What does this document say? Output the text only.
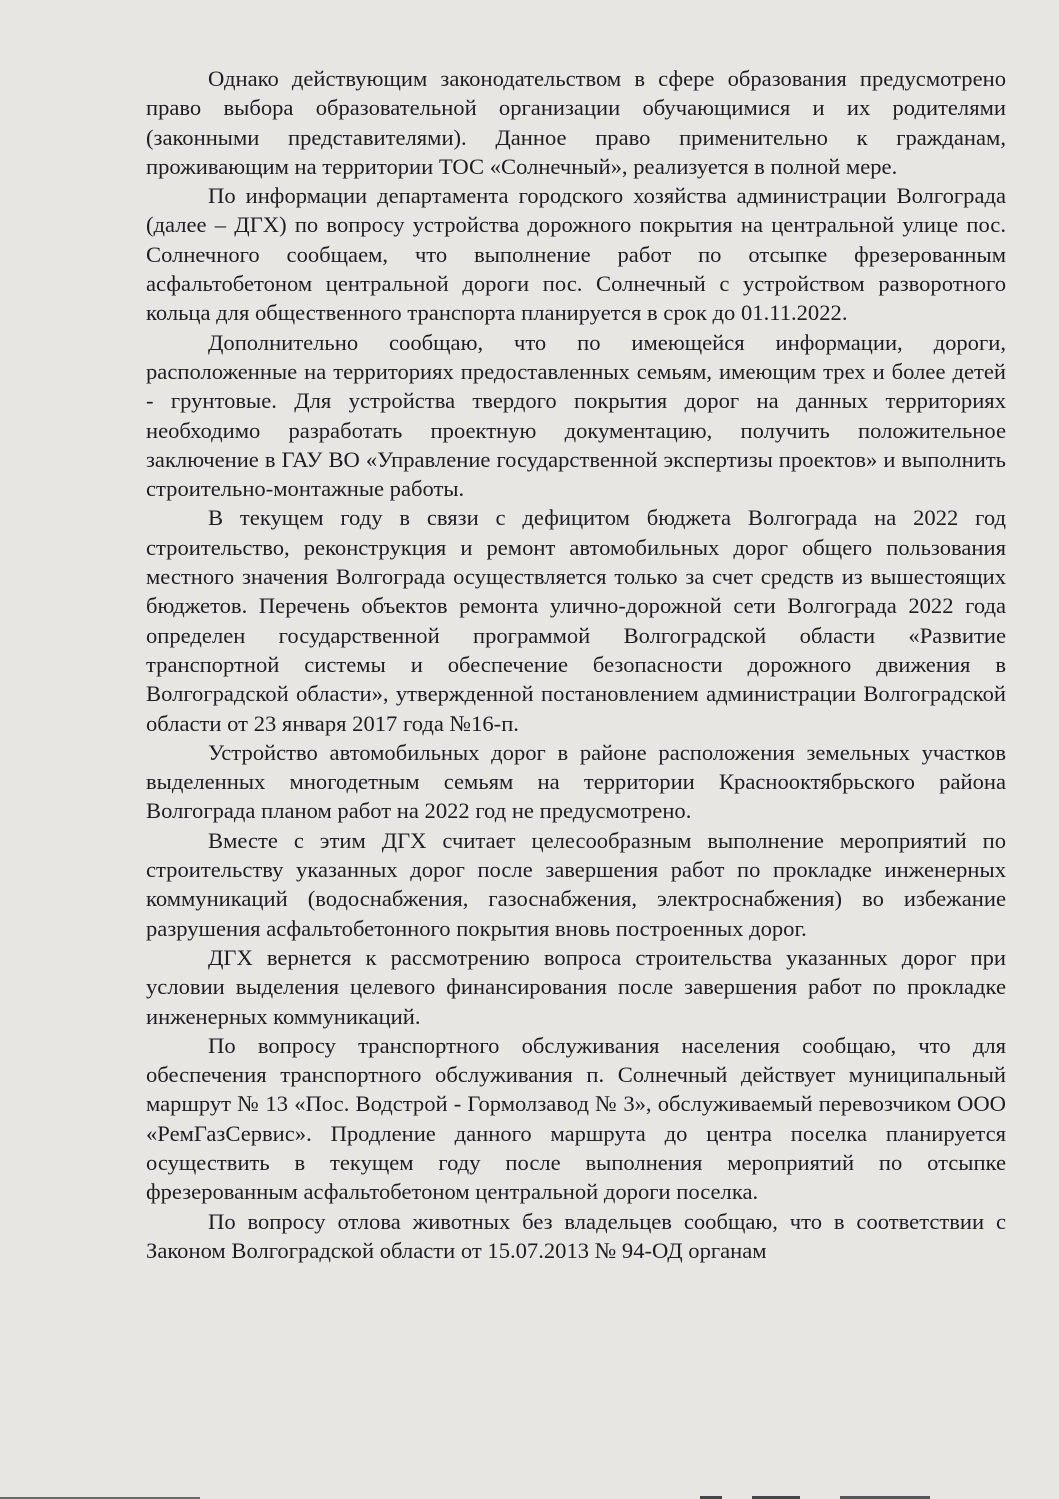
Однако действующим законодательством в сфере образования предусмотрено право выбора образовательной организации обучающимися и их родителями (законными представителями). Данное право применительно к гражданам, проживающим на территории ТОС «Солнечный», реализуется в полной мере.

По информации департамента городского хозяйства администрации Волгограда (далее – ДГХ) по вопросу устройства дорожного покрытия на центральной улице пос. Солнечного сообщаем, что выполнение работ по отсыпке фрезерованным асфальтобетоном центральной дороги пос. Солнечный с устройством разворотного кольца для общественного транспорта планируется в срок до 01.11.2022.

Дополнительно сообщаю, что по имеющейся информации, дороги, расположенные на территориях предоставленных семьям, имеющим трех и более детей - грунтовые. Для устройства твердого покрытия дорог на данных территориях необходимо разработать проектную документацию, получить положительное заключение в ГАУ ВО «Управление государственной экспертизы проектов» и выполнить строительно-монтажные работы.

В текущем году в связи с дефицитом бюджета Волгограда на 2022 год строительство, реконструкция и ремонт автомобильных дорог общего пользования местного значения Волгограда осуществляется только за счет средств из вышестоящих бюджетов. Перечень объектов ремонта улично-дорожной сети Волгограда 2022 года определен государственной программой Волгоградской области «Развитие транспортной системы и обеспечение безопасности дорожного движения в Волгоградской области», утвержденной постановлением администрации Волгоградской области от 23 января 2017 года №16-п.

Устройство автомобильных дорог в районе расположения земельных участков выделенных многодетным семьям на территории Краснооктябрьского района Волгограда планом работ на 2022 год не предусмотрено.

Вместе с этим ДГХ считает целесообразным выполнение мероприятий по строительству указанных дорог после завершения работ по прокладке инженерных коммуникаций (водоснабжения, газоснабжения, электроснабжения) во избежание разрушения асфальтобетонного покрытия вновь построенных дорог.

ДГХ вернется к рассмотрению вопроса строительства указанных дорог при условии выделения целевого финансирования после завершения работ по прокладке инженерных коммуникаций.

По вопросу транспортного обслуживания населения сообщаю, что для обеспечения транспортного обслуживания п. Солнечный действует муниципальный маршрут № 13 «Пос. Водстрой - Гормолзавод № 3», обслуживаемый перевозчиком ООО «РемГазСервис». Продление данного маршрута до центра поселка планируется осуществить в текущем году после выполнения мероприятий по отсыпке фрезерованным асфальтобетоном центральной дороги поселка.

По вопросу отлова животных без владельцев сообщаю, что в соответствии с Законом Волгоградской области от 15.07.2013 № 94-ОД органам
